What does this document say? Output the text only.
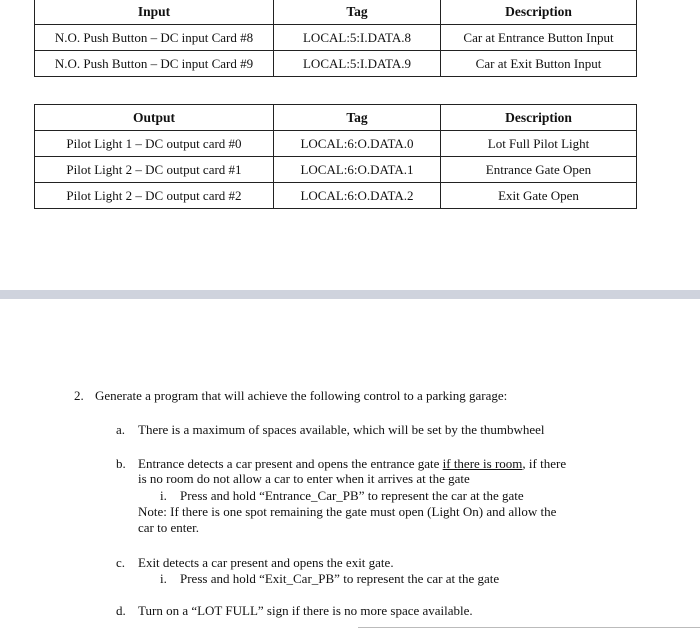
Input	Tag	Description
N.O. Push Button – DC input Card #8	LOCAL:5:I.DATA.8	Car at Entrance Button Input
N.O. Push Button – DC input Card #9	LOCAL:5:I.DATA.9	Car at Exit Button Input
Output	Tag	Description
Pilot Light 1 – DC output card #0	LOCAL:6:O.DATA.0	Lot Full Pilot Light
Pilot Light 2 – DC output card #1	LOCAL:6:O.DATA.1	Entrance Gate Open
Pilot Light 2 – DC output card #2	LOCAL:6:O.DATA.2	Exit Gate Open
2. Generate a program that will achieve the following control to a parking garage:
a. There is a maximum of spaces available, which will be set by the thumbwheel
b. Entrance detects a car present and opens the entrance gate if there is room, if there
is no room do not allow a car to enter when it arrives at the gate
i. Press and hold “Entrance_Car_PB” to represent the car at the gate
Note: If there is one spot remaining the gate must open (Light On) and allow the
car to enter.
c. Exit detects a car present and opens the exit gate.
i. Press and hold “Exit_Car_PB” to represent the car at the gate
d. Turn on a “LOT FULL” sign if there is no more space available.
